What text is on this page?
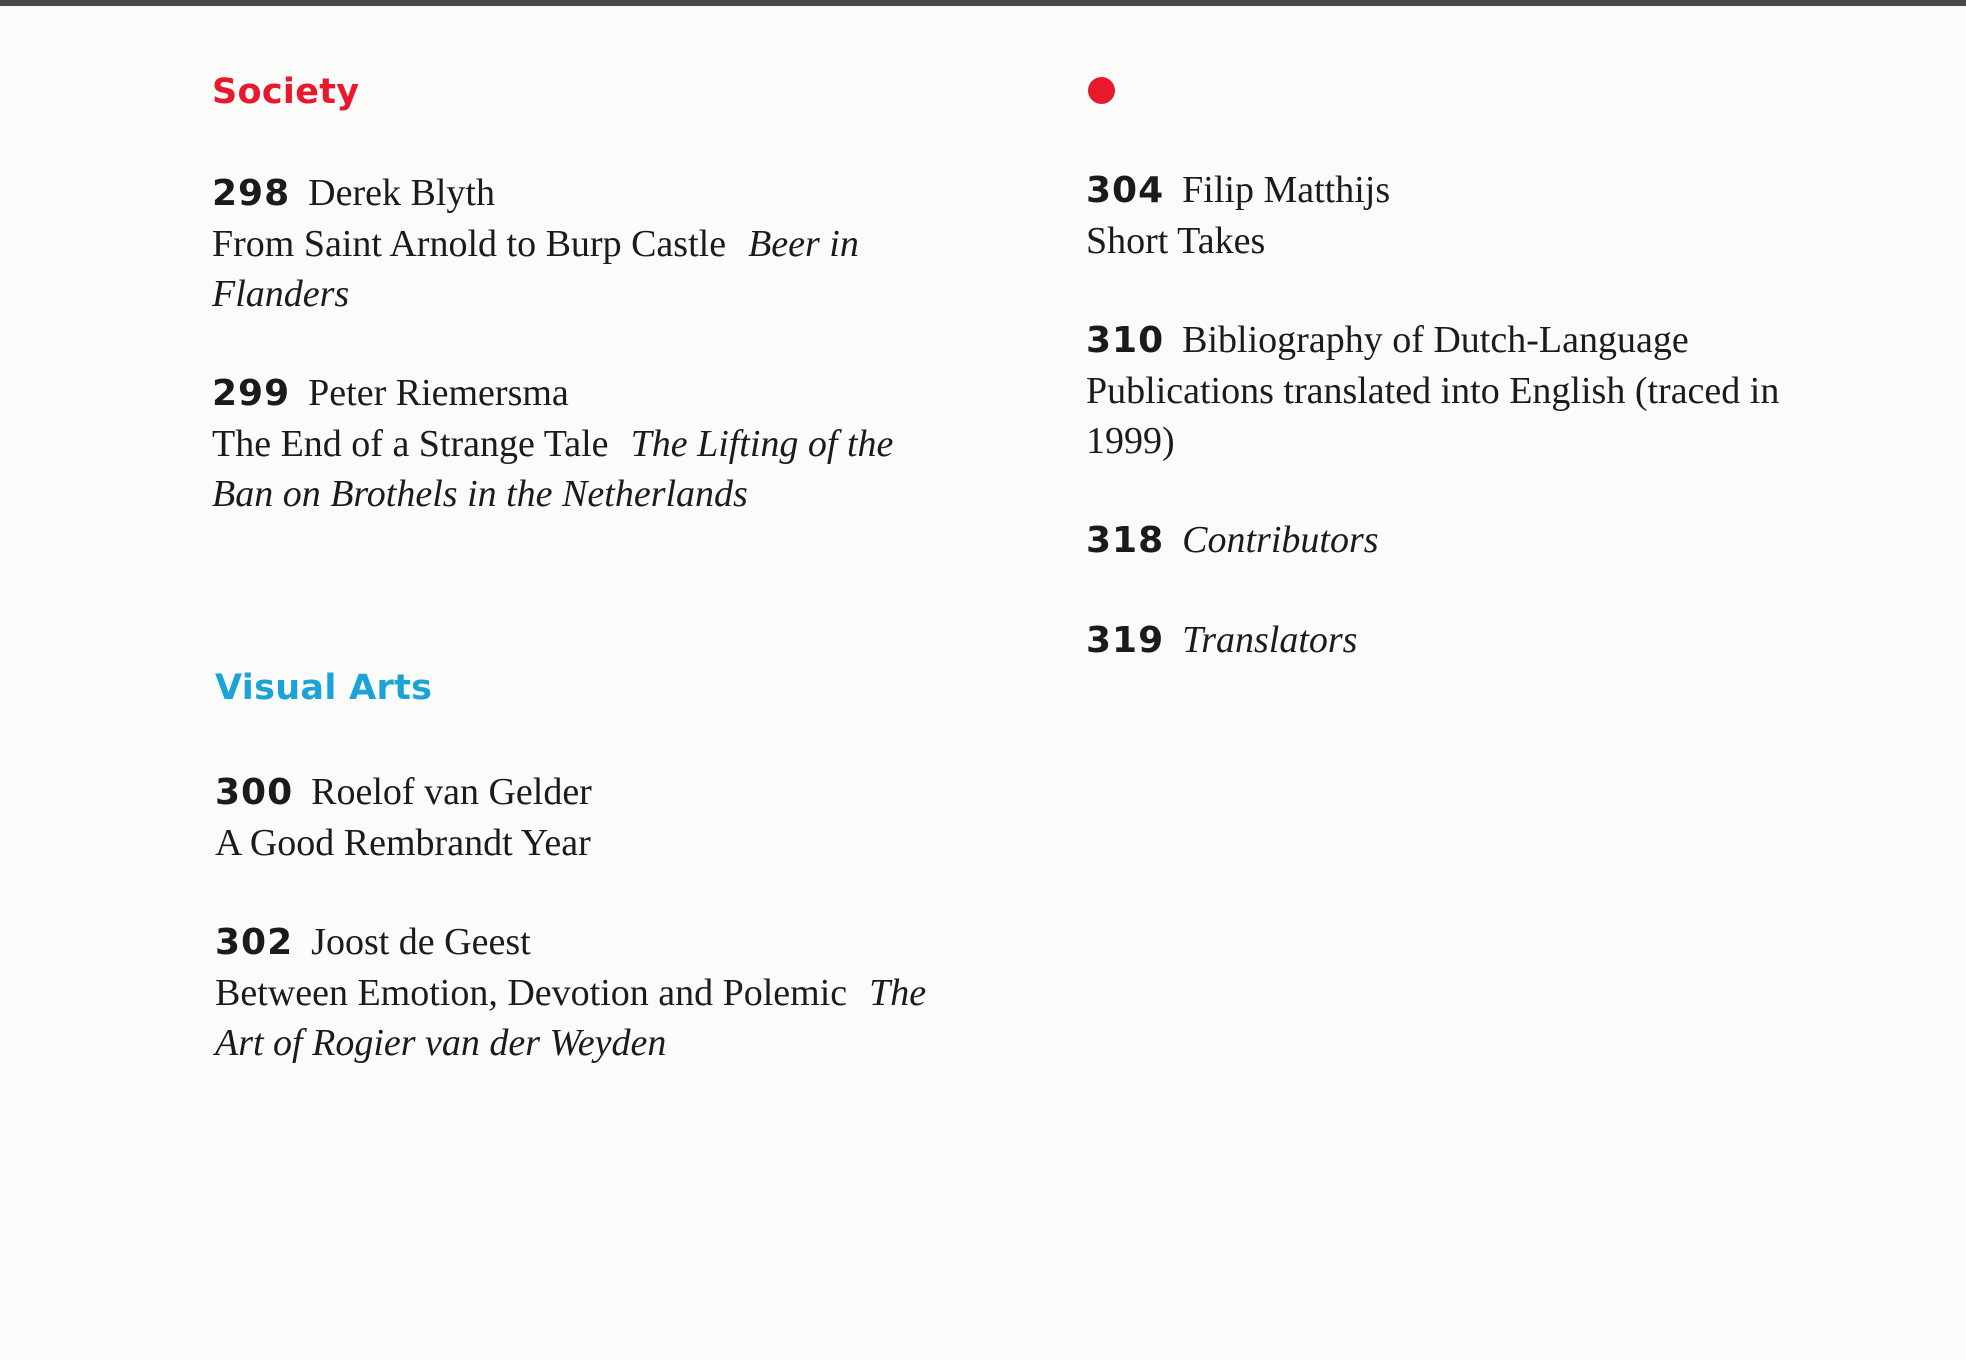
Society
298 Derek Blyth
From Saint Arnold to Burp Castle Beer in
Flanders
299 Peter Riemersma
The End of a Strange Tale The Lifting of the
Ban on Brothels in the Netherlands
Visual Arts
300 Roelof van Gelder
A Good Rembrandt Year
302 Joost de Geest
Between Emotion, Devotion and Polemic The
Art of Rogier van der Weyden
304 Filip Matthijs
Short Takes
310 Bibliography of Dutch-Language
Publications translated into English (traced in
1999)
318 Contributors
319 Translators
